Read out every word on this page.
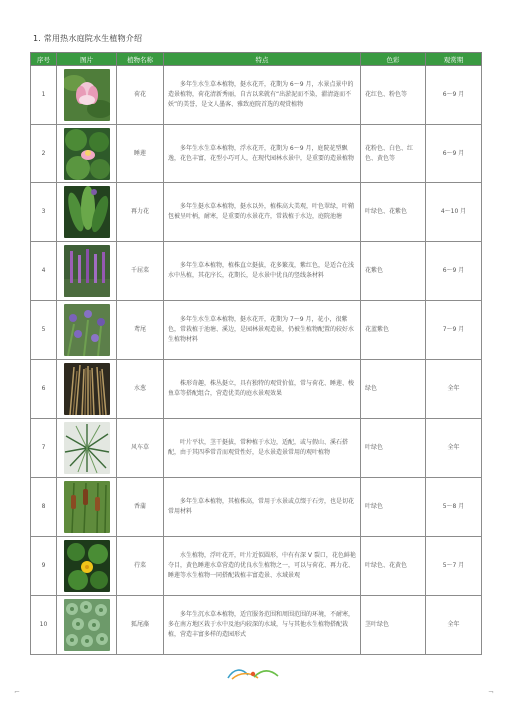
1. 常用热水庭院水生植物介绍
序号	图片	植物名称	特点	色彩	观赏期
1		荷花	多年生水生草本植物，挺水花开，花期为 6～9 月，水景点景中的造景植物，荷花清新秀丽，自古以来就有“出淤泥而不染，濯清涟而不妖”的美誉，是文人墨客、雅致庭院首选的观赏植物	花红色、粉色等	6～9 月
2		睡莲	多年生水生草本植物，浮水花开，花期为 6～9 月，庭院花型飘逸，花色丰富，花型小巧可人，在现代园林水景中，是重要的造景植物	花粉色、白色、红色、黄色等	6～9 月
3		再力花	多年生挺水草本植物，挺水以外，植株高大美观，叶色翠绿，叶鞘包被呈叶柄，耐寒，是重要的水景花卉，常栽植于水边，庭院池塘	叶绿色、花紫色	4～10 月
4		千屈菜	多年生草本植物，植株直立挺拔，花多繁茂，紫红色，是适合在浅水中丛植，其花序长，花期长，是水景中优良的竖线条材料	花紫色	6～9 月
5		鸢尾	多年生水生草本植物，挺水花开，花期为 7～9 月，花小，很紫色，常栽植于池塘、溪边，是园林景观造景，仍被生植物配置的较好水生植物材料	花蓝紫色	7～9 月
6		水葱	株形奇趣，株丛挺立，具有独特的观赏价值，常与荷花、睡莲、梭鱼草等搭配组合，营造优美的庭水景观效果	绿色	全年
7		风车草	叶片平状，茎干挺拔，常种植于水边，适配，或与假山、溪石搭配，由于其四季常青而观赏性好，是水景造景常用的观叶植物	叶绿色	全年
8		香蒲	多年生草本植物，其植株高，常用于水景或点缀于石旁，也是切花常用材料	叶绿色	5～8 月
9		荇菜	水生植物，浮叶花开，叶片近似圆形，中有有深 V 裂口，花色鲜艳夺目，黄色睡莲水草营造的优良水生植物之一，可以与荷花、再力花、睡莲等水生植物一同搭配栽植丰富造景、水域景观	叶绿色、花黄色	5～7 月
10		狐尾藻	多年生沉水草本植物，适宜服务范围和周围范围的环境，不耐寒，多在南方地区栽于水中及池内较深的水域，与与其他水生植物搭配栽植，营造丰富多样的造园形式	茎叶绿色	全年
⌐	¬
